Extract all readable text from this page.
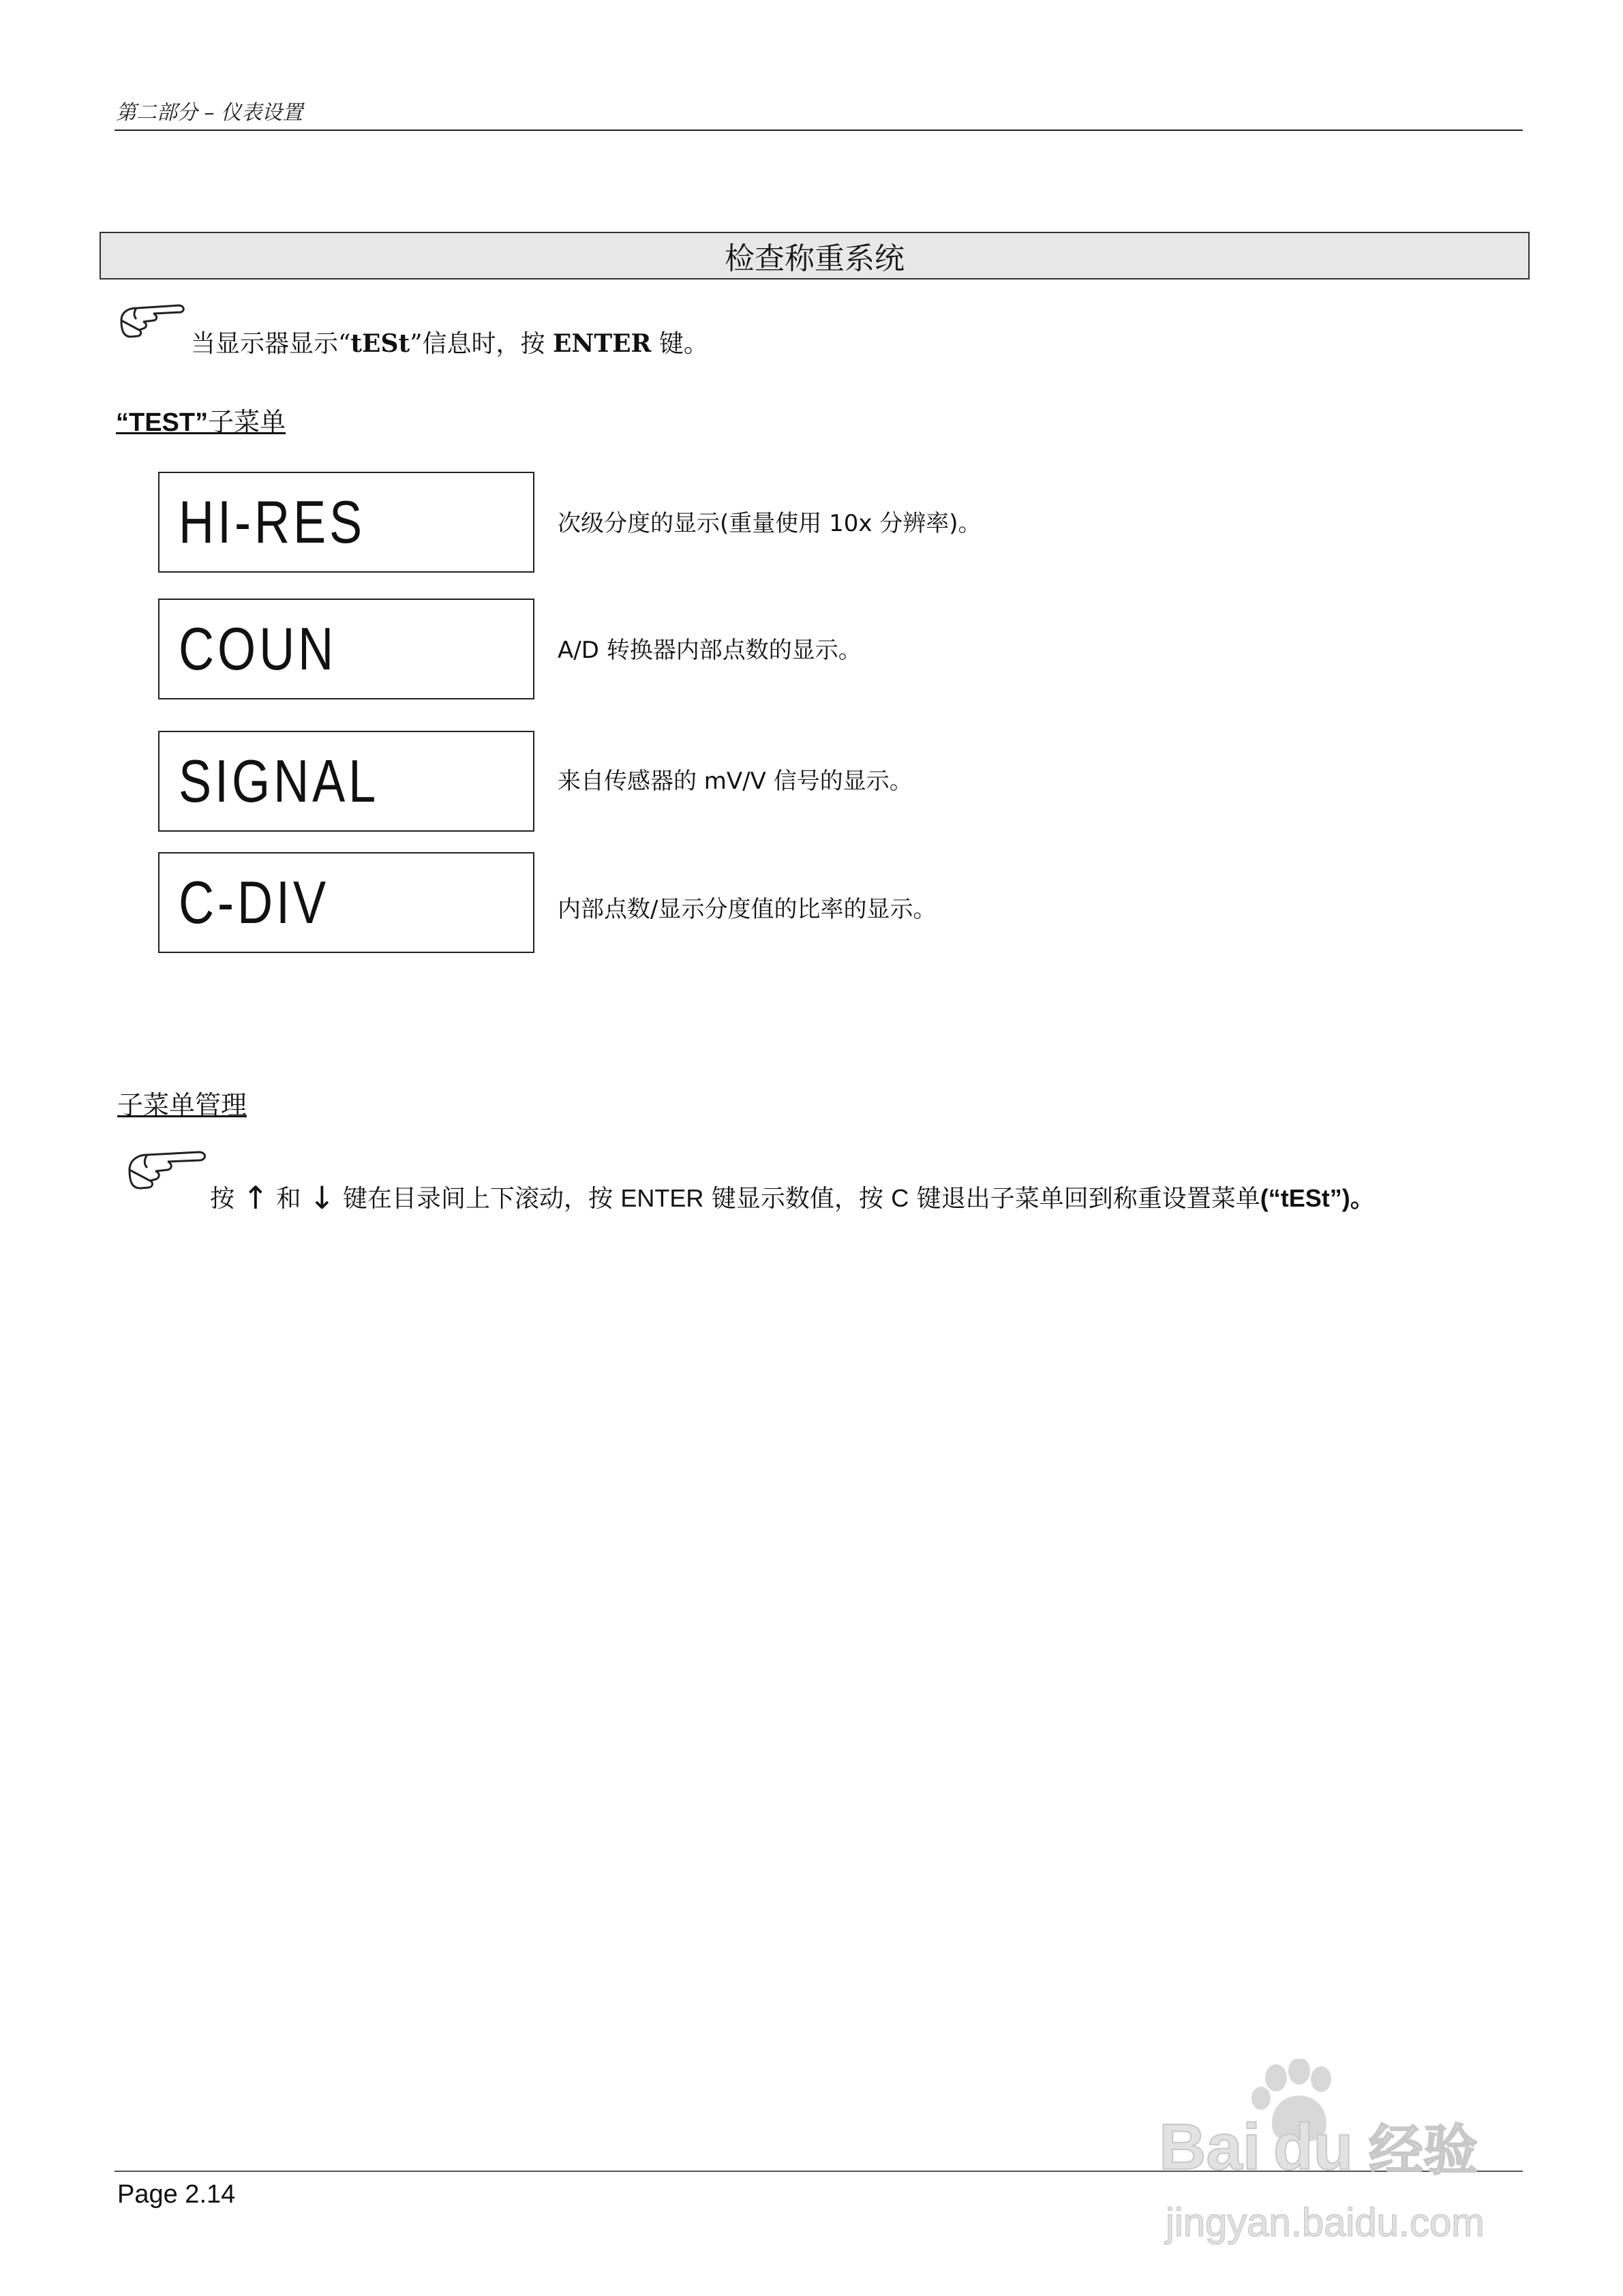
第二部分 – 仪表设置
检查称重系统
当显示器显示“tESt”信息时，按 ENTER 键。
“TEST”子菜单
HI-RES	次级分度的显示(重量使用 10x 分辨率)。
COUN	A/D 转换器内部点数的显示。
SIGNAL	来自传感器的 mV/V 信号的显示。
C-DIV	内部点数/显示分度值的比率的显示。
子菜单管理
按 ↑ 和 ↓ 键在目录间上下滚动，按 ENTER 键显示数值，按 C 键退出子菜单回到称重设置菜单(“tESt”)。
Page 2.14
Bai du 经验
jingyan.baidu.com
